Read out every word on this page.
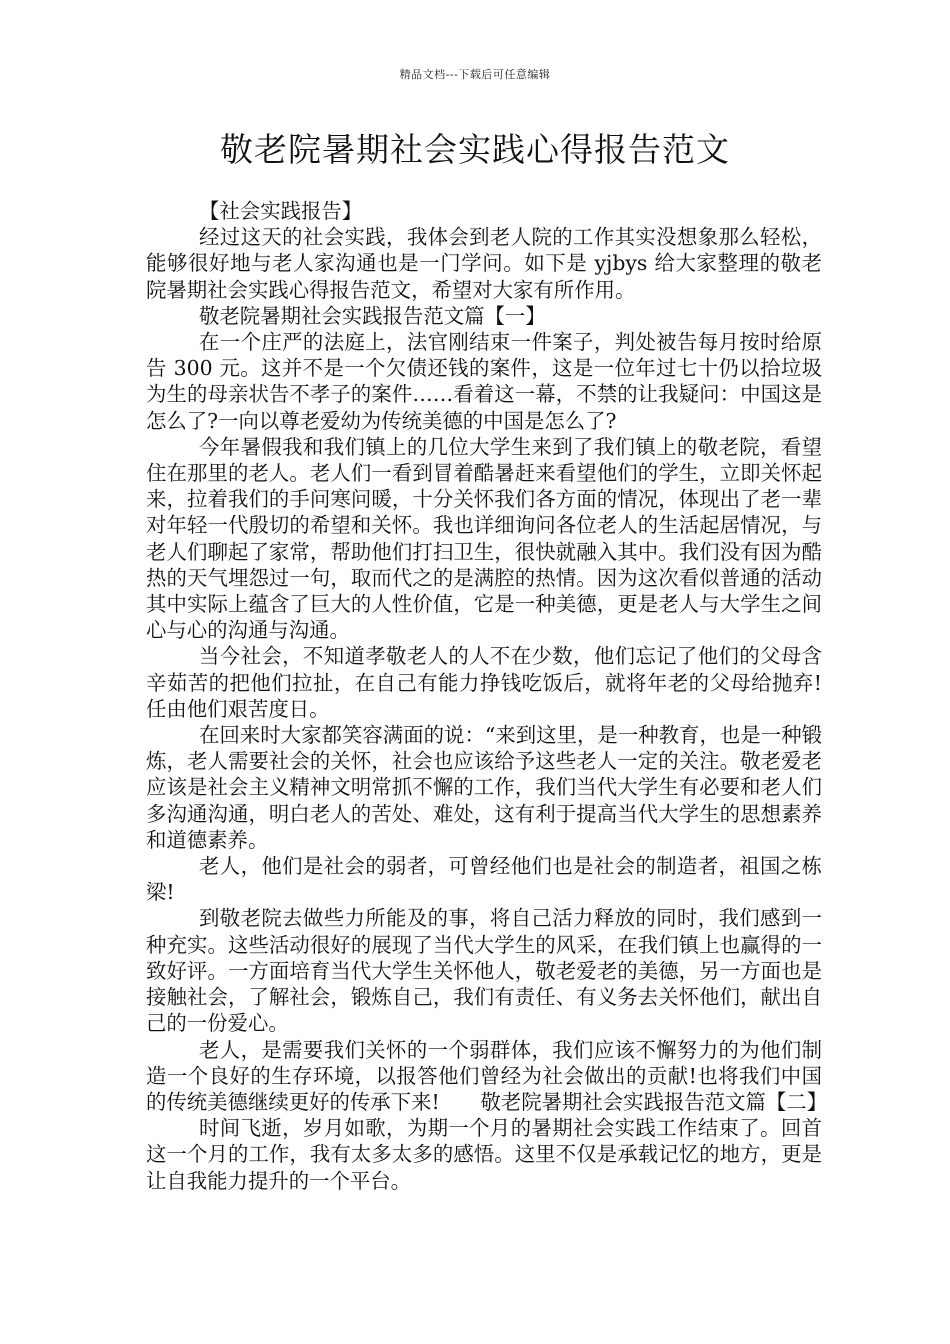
精品文档---下载后可任意编辑
敬老院暑期社会实践心得报告范文

【社会实践报告】

经过这天的社会实践，我体会到老人院的工作其实没想象那么轻松，能够很好地与老人家沟通也是一门学问。如下是 yjbys 给大家整理的敬老院暑期社会实践心得报告范文，希望对大家有所作用。

敬老院暑期社会实践报告范文篇【一】

在一个庄严的法庭上，法官刚结束一件案子，判处被告每月按时给原告 300 元。这并不是一个欠债还钱的案件，这是一位年过七十仍以拾垃圾为生的母亲状告不孝子的案件……看着这一幕，不禁的让我疑问：中国这是怎么了?一向以尊老爱幼为传统美德的中国是怎么了?

今年暑假我和我们镇上的几位大学生来到了我们镇上的敬老院，看望住在那里的老人。老人们一看到冒着酷暑赶来看望他们的学生，立即关怀起来，拉着我们的手问寒问暖，十分关怀我们各方面的情况，体现出了老一辈对年轻一代殷切的希望和关怀。我也详细询问各位老人的生活起居情况，与老人们聊起了家常，帮助他们打扫卫生，很快就融入其中。我们没有因为酷热的天气埋怨过一句，取而代之的是满腔的热情。因为这次看似普通的活动其中实际上蕴含了巨大的人性价值，它是一种美德，更是老人与大学生之间心与心的沟通与沟通。

当今社会，不知道孝敬老人的人不在少数，他们忘记了他们的父母含辛茹苦的把他们拉扯，在自己有能力挣钱吃饭后，就将年老的父母给抛弃!任由他们艰苦度日。

在回来时大家都笑容满面的说：“来到这里，是一种教育，也是一种锻炼，老人需要社会的关怀，社会也应该给予这些老人一定的关注。敬老爱老应该是社会主义精神文明常抓不懈的工作，我们当代大学生有必要和老人们多沟通沟通，明白老人的苦处、难处，这有利于提高当代大学生的思想素养和道德素养。

老人，他们是社会的弱者，可曾经他们也是社会的制造者，祖国之栋梁!

到敬老院去做些力所能及的事，将自己活力释放的同时，我们感到一种充实。这些活动很好的展现了当代大学生的风采，在我们镇上也赢得的一致好评。一方面培育当代大学生关怀他人，敬老爱老的美德，另一方面也是接触社会，了解社会，锻炼自己，我们有责任、有义务去关怀他们，献出自己的一份爱心。

老人，是需要我们关怀的一个弱群体，我们应该不懈努力的为他们制造一个良好的生存环境，以报答他们曾经为社会做出的贡献!也将我们中国的传统美德继续更好的传承下来!　　敬老院暑期社会实践报告范文篇【二】

时间飞逝，岁月如歌，为期一个月的暑期社会实践工作结束了。回首这一个月的工作，我有太多太多的感悟。这里不仅是承载记忆的地方，更是让自我能力提升的一个平台。
